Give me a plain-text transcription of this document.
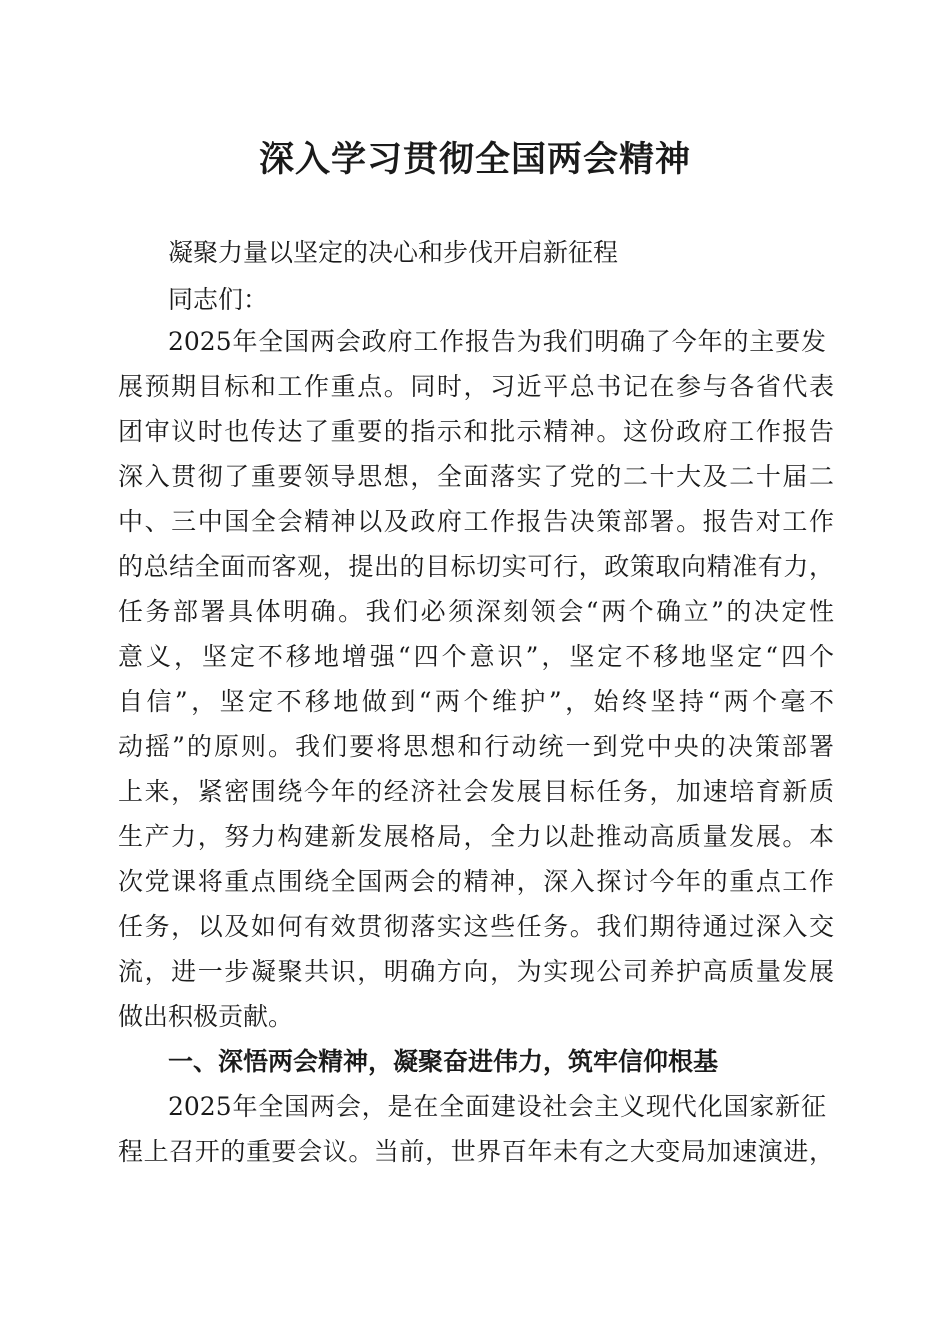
深入学习贯彻全国两会精神
凝聚力量以坚定的决心和步伐开启新征程
同志们：
2025年全国两会政府工作报告为我们明确了今年的主要发
展预期目标和工作重点。同时，习近平总书记在参与各省代表
团审议时也传达了重要的指示和批示精神。这份政府工作报告
深入贯彻了重要领导思想，全面落实了党的二十大及二十届二
中、三中国全会精神以及政府工作报告决策部署。报告对工作
的总结全面而客观，提出的目标切实可行，政策取向精准有力，
任务部署具体明确。我们必须深刻领会“两个确立”的决定性
意义，坚定不移地增强“四个意识”，坚定不移地坚定“四个
自信”，坚定不移地做到“两个维护”，始终坚持“两个毫不
动摇”的原则。我们要将思想和行动统一到党中央的决策部署
上来，紧密围绕今年的经济社会发展目标任务，加速培育新质
生产力，努力构建新发展格局，全力以赴推动高质量发展。本
次党课将重点围绕全国两会的精神，深入探讨今年的重点工作
任务，以及如何有效贯彻落实这些任务。我们期待通过深入交
流，进一步凝聚共识，明确方向，为实现公司养护高质量发展
做出积极贡献。
一、深悟两会精神，凝聚奋进伟力，筑牢信仰根基
2025年全国两会，是在全面建设社会主义现代化国家新征
程上召开的重要会议。当前，世界百年未有之大变局加速演进，
